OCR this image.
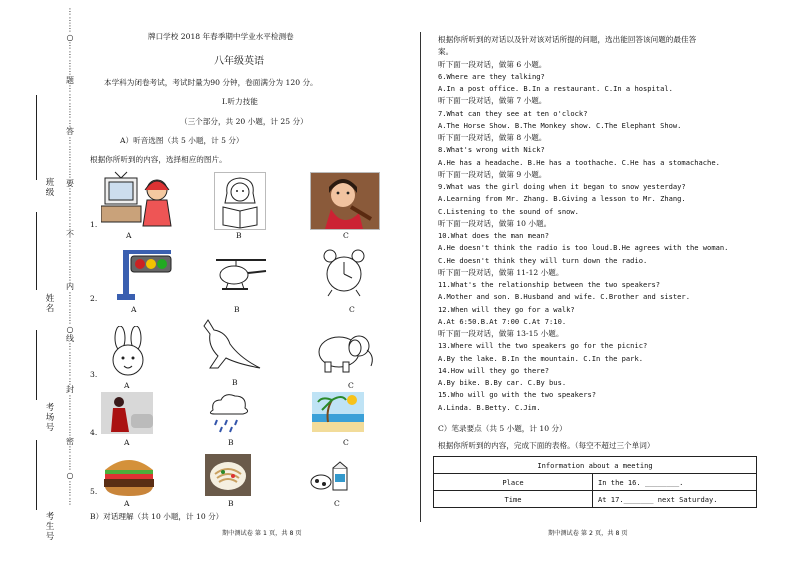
⋮
⋮
⋮
○
⋮
⋮
⋮
⋮
题
⋮
⋮
⋮
⋮
⋮
答
⋮
⋮
⋮
⋮
⋮
要
⋮
⋮
⋮
⋮
⋮
不
⋮
⋮
⋮
⋮
⋮
内
⋮
⋮
⋮
⋮
○
线
⋮
⋮
⋮
⋮
⋮
封
⋮
⋮
⋮
⋮
⋮
密
⋮
⋮
⋮
○
⋮
⋮
⋮
班级
姓名
考场号
考生号
牌口学校 2018 年春季期中学业水平检测卷
八年级英语
本学科为闭卷考试，考试时量为90 分钟，卷面满分为 120 分。
I.听力技能
（三个部分，共 20 小题，计 25 分）
A）听音选图（共 5 小题，计 5 分）
根据你所听到的内容，选择相应的图片。
1.
2.
3.
4.
5.
A	B	C
A	B	C
A	B	C
A	B	C
A	B	C
B）对话理解（共 10 小题，计 10 分）
期中测试卷 第 1 页，共 8 页
根据你所听到的对话以及针对该对话所提的问题，选出能回答该问题的最佳答
案。
听下面一段对话，做第 6 小题。
6.Where are they talking?
A.In a post office. B.In a restaurant. C.In a hospital.
听下面一段对话，做第 7 小题。
7.What can they see at ten o'clock?
A.The Horse Show. B.The Monkey show. C.The Elephant Show.
听下面一段对话，做第 8 小题。
8.What's wrong with Nick?
A.He has a headache. B.He has a toothache. C.He has a stomachache.
听下面一段对话，做第 9 小题。
9.What was the girl doing when it began to snow yesterday?
A.Learning from Mr. Zhang. B.Giving a lesson to Mr. Zhang.
C.Listening to the sound of snow.
听下面一段对话，做第 10 小题。
10.What does the man mean?
A.He doesn't think the radio is too loud.B.He agrees with the woman.
C.He doesn't think they will turn down the radio.
听下面一段对话，做第 11-12 小题。
11.What's the relationship between the two speakers?
A.Mother and son. B.Husband and wife. C.Brother and sister.
12.When will they go for a walk?
A.At 6:50.B.At 7:00 C.At 7:10.
听下面一段对话，做第 13-15 小题。
13.Where will the two speakers go for the picnic?
A.By the lake. B.In the mountain. C.In the park.
14.How will they go there?
A.By bike. B.By car. C.By bus.
15.Who will go with the two speakers?
A.Linda. B.Betty. C.Jim.
C）笔录要点（共 5 小题，计 10 分）
根据你所听到的内容，完成下面的表格。（每空不超过三个单词）
Information about a meeting	
Place	In the 16. ________.
Time	At 17._______ next Saturday.
期中测试卷 第 2 页，共 8 页
